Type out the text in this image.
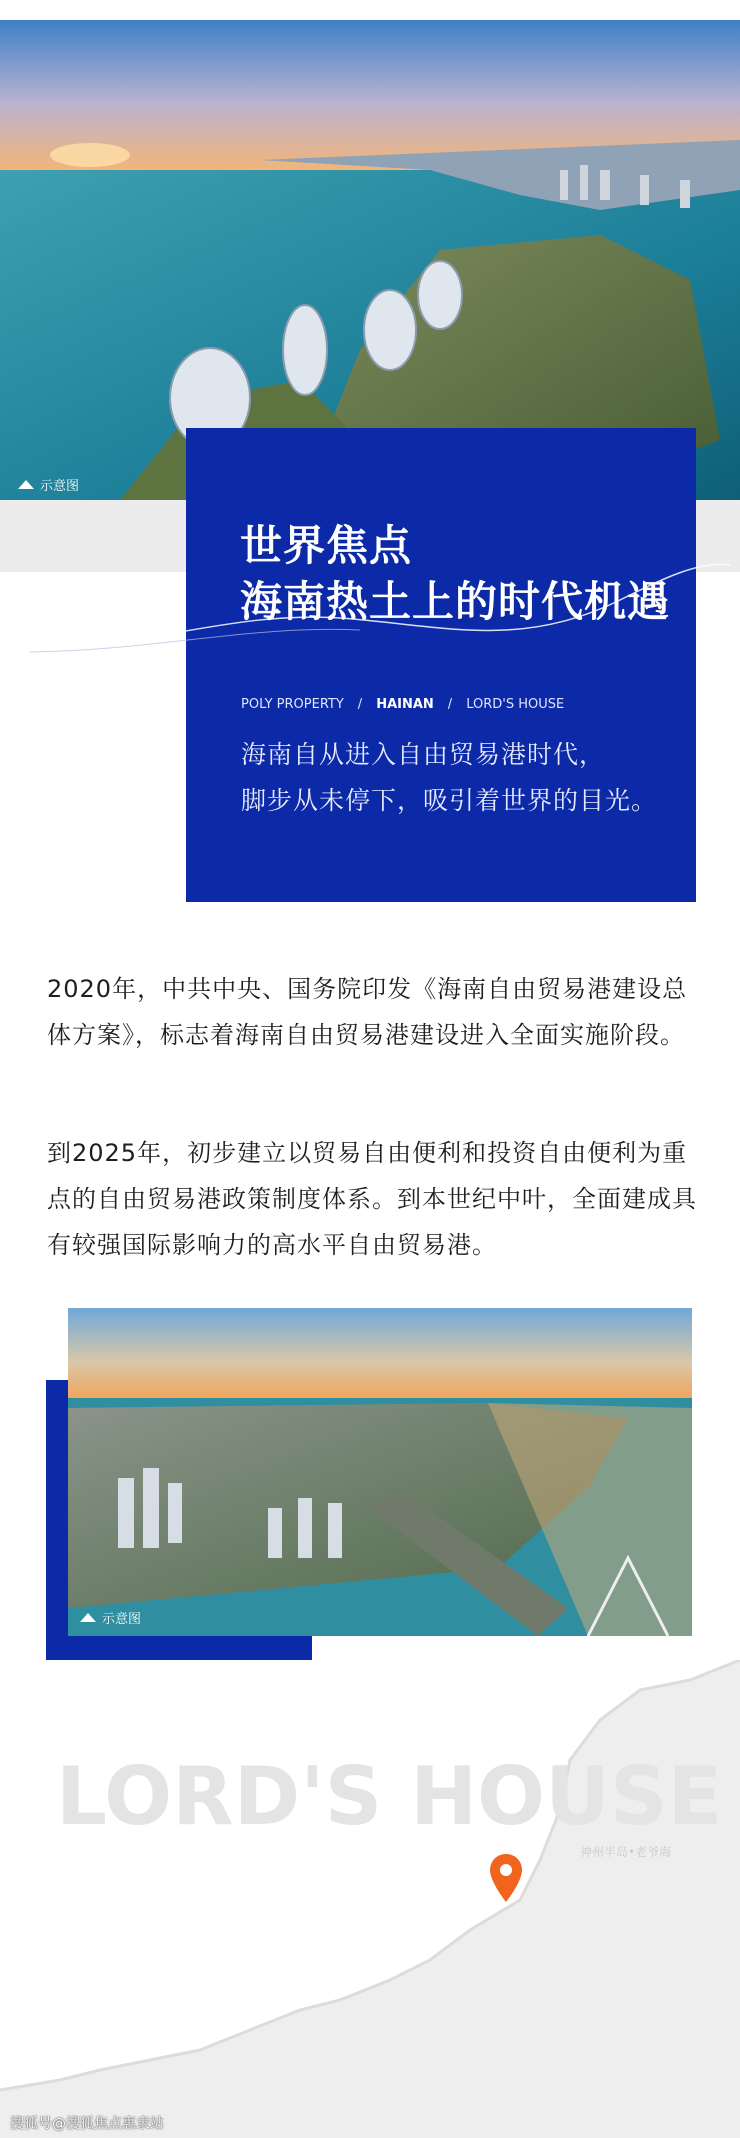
示意图
世界焦点
海南热土上的时代机遇
POLY PROPERTY / HAINAN / LORD'S HOUSE
海南自从进入自由贸易港时代，
脚步从未停下，吸引着世界的目光。
2020年，中共中央、国务院印发《海南自由贸易港建设总体方案》，标志着海南自由贸易港建设进入全面实施阶段。
到2025年，初步建立以贸易自由便利和投资自由便利为重点的自由贸易港政策制度体系。到本世纪中叶，全面建成具有较强国际影响力的高水平自由贸易港。
示意图
LORD'S HOUSE
神州半岛•老爷海
搜狐号@搜狐焦点惠隶站
